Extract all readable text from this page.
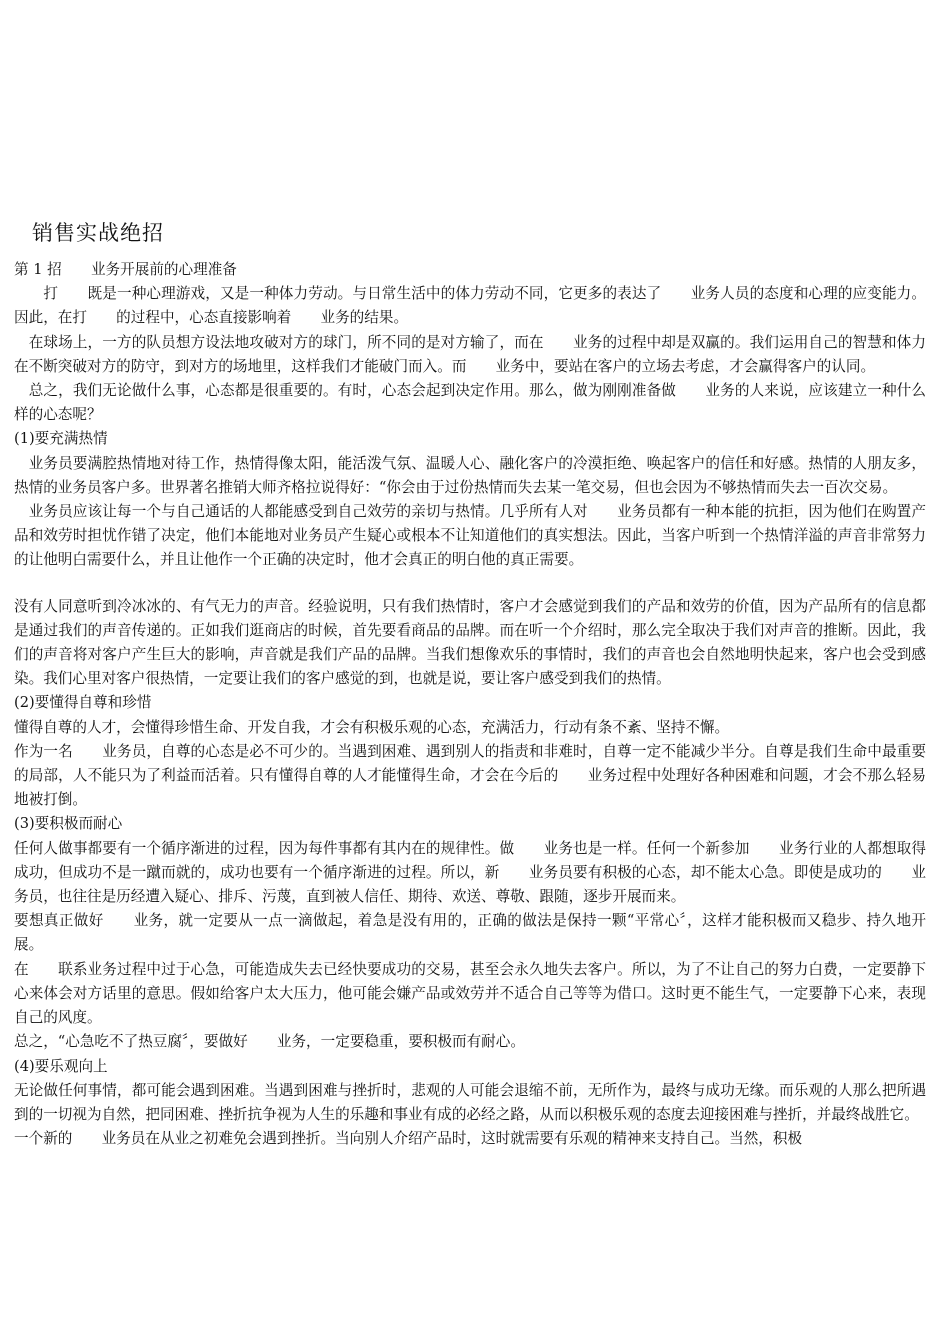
销售实战绝招

第 1 招　　业务开展前的心理准备

　　打　　既是一种心理游戏，又是一种体力劳动。与日常生活中的体力劳动不同，它更多的表达了　　业务人员的态度和心理的应变能力。因此，在打　　的过程中，心态直接影响着　　业务的结果。

　在球场上，一方的队员想方设法地攻破对方的球门，所不同的是对方输了，而在　　业务的过程中却是双赢的。我们运用自己的智慧和体力在不断突破对方的防守，到对方的场地里，这样我们才能破门而入。而　　业务中，要站在客户的立场去考虑，才会赢得客户的认同。

　总之，我们无论做什么事，心态都是很重要的。有时，心态会起到决定作用。那么，做为刚刚准备做　　业务的人来说，应该建立一种什么样的心态呢？

(1)要充满热情

　业务员要满腔热情地对待工作，热情得像太阳，能活泼气氛、温暖人心、融化客户的冷漠拒绝、唤起客户的信任和好感。热情的人朋友多，热情的业务员客户多。世界著名推销大师齐格拉说得好：“你会由于过份热情而失去某一笔交易，但也会因为不够热情而失去一百次交易。

　业务员应该让每一个与自己通话的人都能感受到自己效劳的亲切与热情。几乎所有人对　　业务员都有一种本能的抗拒，因为他们在购置产品和效劳时担忧作错了决定，他们本能地对业务员产生疑心或根本不让知道他们的真实想法。因此，当客户听到一个热情洋溢的声音非常努力的让他明白需要什么，并且让他作一个正确的决定时，他才会真正的明白他的真正需要。

没有人同意听到冷冰冰的、有气无力的声音。经验说明，只有我们热情时，客户才会感觉到我们的产品和效劳的价值，因为产品所有的信息都是通过我们的声音传递的。正如我们逛商店的时候，首先要看商品的品牌。而在听一个介绍时，那么完全取决于我们对声音的推断。因此，我们的声音将对客户产生巨大的影响，声音就是我们产品的品牌。当我们想像欢乐的事情时，我们的声音也会自然地明快起来，客户也会受到感染。我们心里对客户很热情，一定要让我们的客户感觉的到，也就是说，要让客户感受到我们的热情。

(2)要懂得自尊和珍惜

懂得自尊的人才，会懂得珍惜生命、开发自我，才会有积极乐观的心态，充满活力，行动有条不紊、坚持不懈。

作为一名　　业务员，自尊的心态是必不可少的。当遇到困难、遇到别人的指责和非难时，自尊一定不能减少半分。自尊是我们生命中最重要的局部，人不能只为了利益而活着。只有懂得自尊的人才能懂得生命，才会在今后的　　业务过程中处理好各种困难和问题，才会不那么轻易地被打倒。

(3)要积极而耐心

任何人做事都要有一个循序渐进的过程，因为每件事都有其内在的规律性。做　　业务也是一样。任何一个新参加　　业务行业的人都想取得成功，但成功不是一蹴而就的，成功也要有一个循序渐进的过程。所以，新　　业务员要有积极的心态，却不能太心急。即使是成功的　　业务员，也往往是历经遭入疑心、排斥、污蔑，直到被人信任、期待、欢送、尊敬、跟随，逐步开展而来。

要想真正做好　　业务，就一定要从一点一滴做起，着急是没有用的，正确的做法是保持一颗“平常心〞，这样才能积极而又稳步、持久地开展。

在　　联系业务过程中过于心急，可能造成失去已经快要成功的交易，甚至会永久地失去客户。所以，为了不让自己的努力白费，一定要静下心来体会对方话里的意思。假如给客户太大压力，他可能会嫌产品或效劳并不适合自己等等为借口。这时更不能生气，一定要静下心来，表现自己的风度。

总之，“心急吃不了热豆腐〞，要做好　　业务，一定要稳重，要积极而有耐心。

(4)要乐观向上

无论做任何事情，都可能会遇到困难。当遇到困难与挫折时，悲观的人可能会退缩不前，无所作为，最终与成功无缘。而乐观的人那么把所遇到的一切视为自然，把同困难、挫折抗争视为人生的乐趣和事业有成的必经之路，从而以积极乐观的态度去迎接困难与挫折，并最终战胜它。

一个新的　　业务员在从业之初难免会遇到挫折。当向别人介绍产品时，这时就需要有乐观的精神来支持自己。当然，积极
